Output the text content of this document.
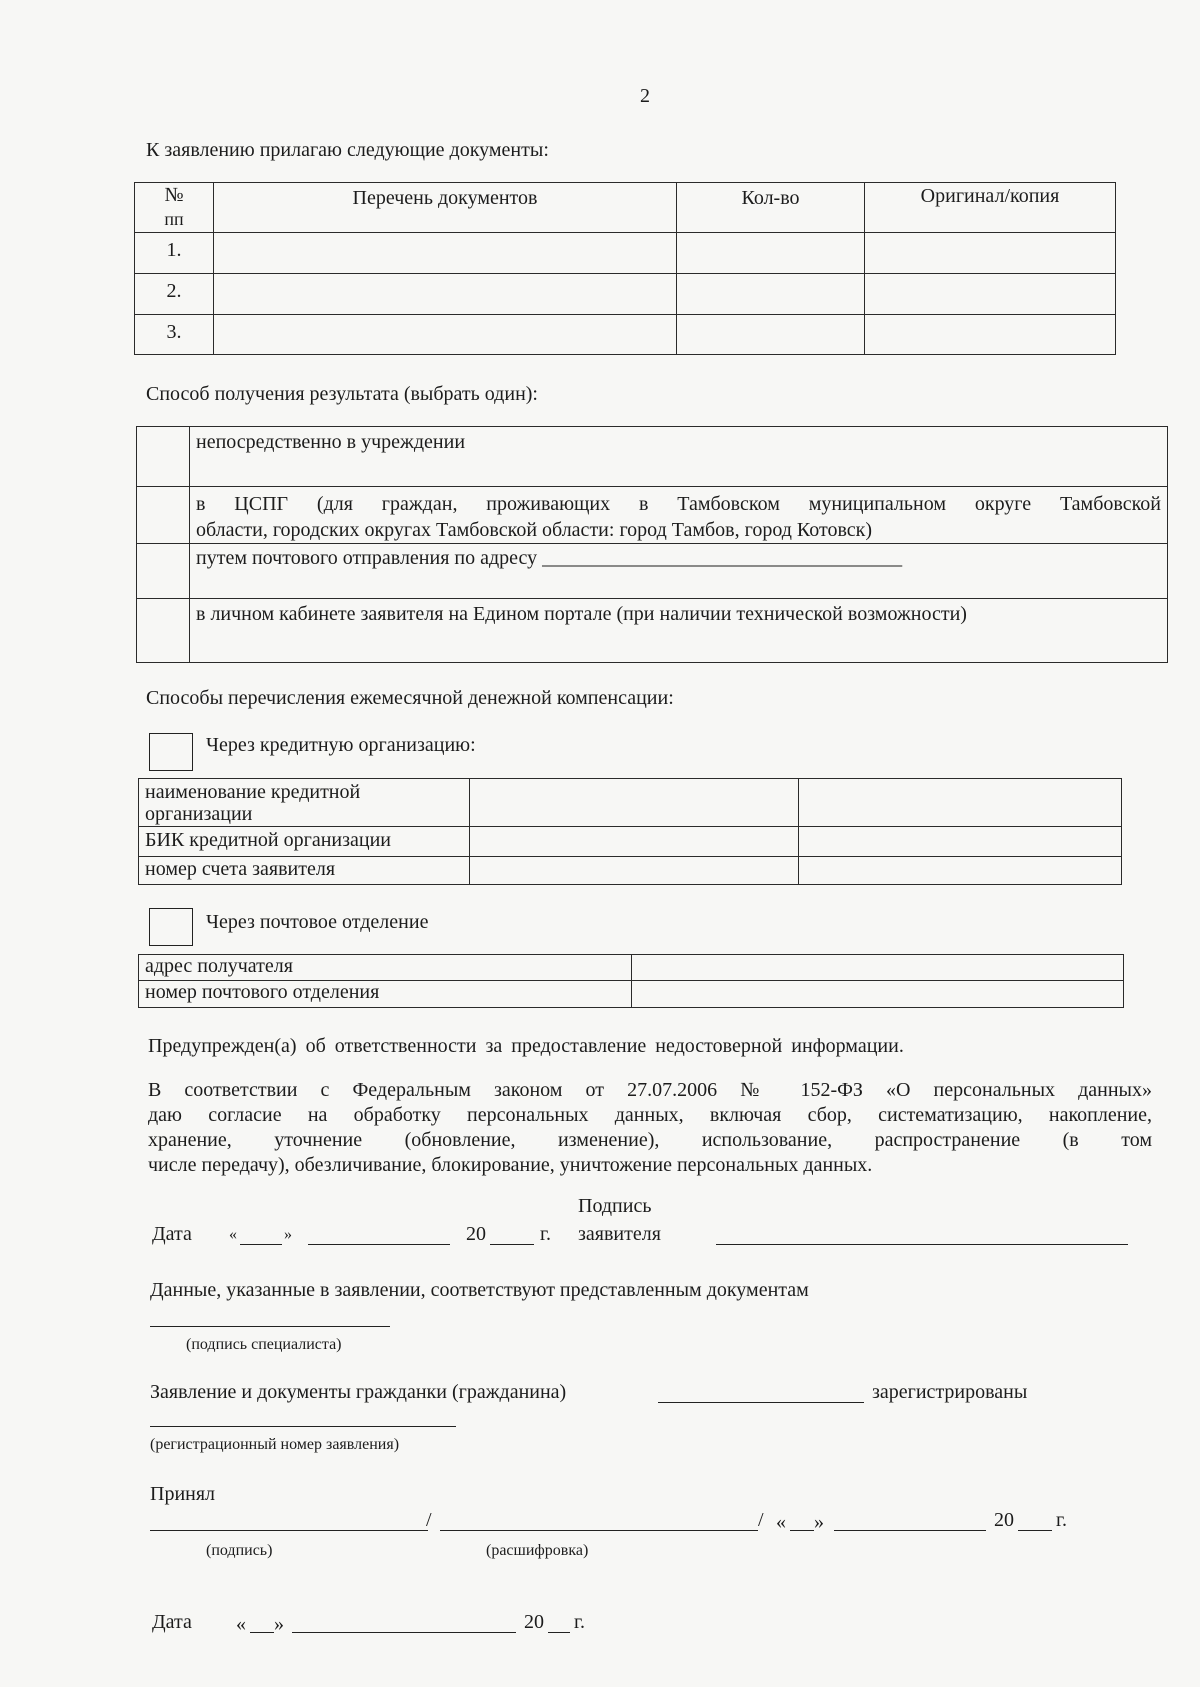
2
К заявлению прилагаю следующие документы:
№
пп	Перечень документов	Кол-во	Оригинал/копия
1.			
2.			
3.			
Способ получения результата (выбрать один):

	непосредственно в учреждении

	в ЦСПГ (для граждан, проживающих в Тамбовском муниципальном округе Тамбовской
области, городских округах Тамбовской области: город Тамбов, город Котовск)

	путем почтового отправления по адресу ____________________________________

	в личном кабинете заявителя на Едином портале (при наличии технической возможности)
Способы перечисления ежемесячной денежной компенсации:
Через кредитную организацию:
наименование кредитной
организации		

БИК кредитной организации		
номер счета заявителя		
Через почтовое отделение
адрес получателя	
номер почтового отделения	
Предупрежден(а) об ответственности за предоставление недостоверной информации.
В соответствии с Федеральным законом от 27.07.2006 № 152-ФЗ «О персональных данных»
даю согласие на обработку персональных данных, включая сбор, систематизацию, накопление,
хранение, уточнение (обновление, изменение), использование, распространение (в том
числе передачу), обезличивание, блокирование, уничтожение персональных данных.
Подпись
Дата «	»	20	г. заявителя
Данные, указанные в заявлении, соответствуют представленным документам
(подпись специалиста)
Заявление и документы гражданки (гражданина)	зарегистрированы
(регистрационный номер заявления)
Принял
/	/ « »	20 г.
(подпись)	(расшифровка)
Дата « »	20 г.
